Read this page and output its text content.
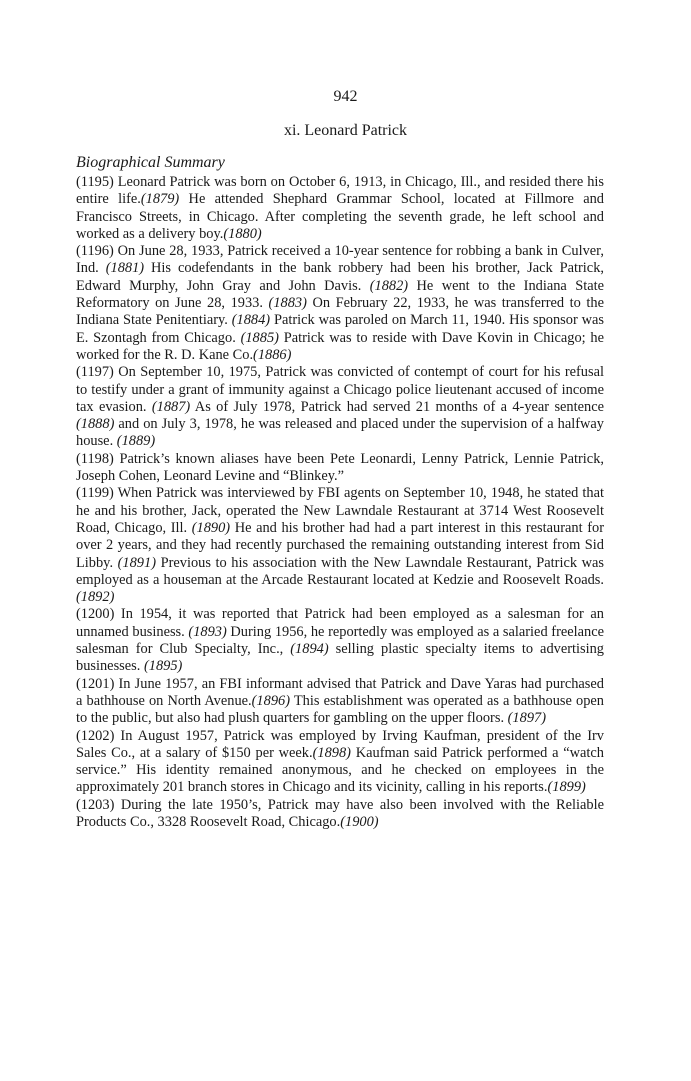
942
xi. Leonard Patrick
Biographical Summary

(1195) Leonard Patrick was born on October 6, 1913, in Chicago, Ill., and resided there his entire life.(1879) He attended Shephard Grammar School, located at Fillmore and Francisco Streets, in Chicago. After completing the seventh grade, he left school and worked as a delivery boy.(1880)

(1196) On June 28, 1933, Patrick received a 10-year sentence for robbing a bank in Culver, Ind. (1881) His codefendants in the bank robbery had been his brother, Jack Patrick, Edward Murphy, John Gray and John Davis. (1882) He went to the Indiana State Reformatory on June 28, 1933. (1883) On February 22, 1933, he was transferred to the Indiana State Penitentiary. (1884) Patrick was paroled on March 11, 1940. His sponsor was E. Szontagh from Chicago. (1885) Patrick was to reside with Dave Kovin in Chicago; he worked for the R. D. Kane Co.(1886)

(1197) On September 10, 1975, Patrick was convicted of contempt of court for his refusal to testify under a grant of immunity against a Chicago police lieutenant accused of income tax evasion. (1887) As of July 1978, Patrick had served 21 months of a 4-year sentence (1888) and on July 3, 1978, he was released and placed under the supervision of a halfway house. (1889)

(1198) Patrick’s known aliases have been Pete Leonardi, Lenny Patrick, Lennie Patrick, Joseph Cohen, Leonard Levine and “Blinkey.”

(1199) When Patrick was interviewed by FBI agents on September 10, 1948, he stated that he and his brother, Jack, operated the New Lawndale Restaurant at 3714 West Roosevelt Road, Chicago, Ill. (1890) He and his brother had had a part interest in this restaurant for over 2 years, and they had recently purchased the remaining outstanding interest from Sid Libby. (1891) Previous to his association with the New Lawndale Restaurant, Patrick was employed as a houseman at the Arcade Restaurant located at Kedzie and Roosevelt Roads. (1892)

(1200) In 1954, it was reported that Patrick had been employed as a salesman for an unnamed business. (1893) During 1956, he reportedly was employed as a salaried freelance salesman for Club Specialty, Inc., (1894) selling plastic specialty items to advertising businesses. (1895)

(1201) In June 1957, an FBI informant advised that Patrick and Dave Yaras had purchased a bathhouse on North Avenue.(1896) This establishment was operated as a bathhouse open to the public, but also had plush quarters for gambling on the upper floors. (1897)

(1202) In August 1957, Patrick was employed by Irving Kaufman, president of the Irv Sales Co., at a salary of $150 per week.(1898) Kaufman said Patrick performed a “watch service.” His identity remained anonymous, and he checked on employees in the approximately 201 branch stores in Chicago and its vicinity, calling in his reports.(1899)

(1203) During the late 1950’s, Patrick may have also been involved with the Reliable Products Co., 3328 Roosevelt Road, Chicago.(1900)
